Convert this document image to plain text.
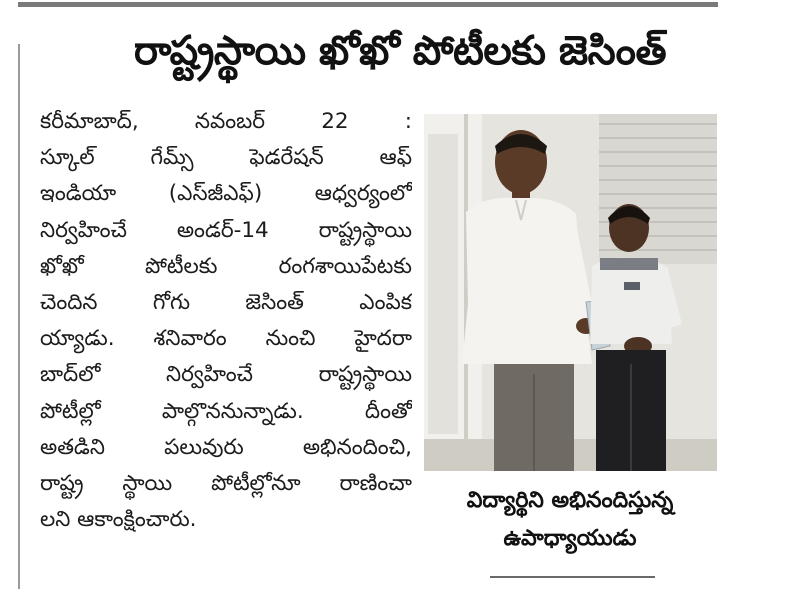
రాష్ట్రస్థాయి ఖోఖో పోటీలకు జెసింత్
కరీమాబాద్, నవంబర్ 22 :
స్కూల్ గేమ్స్ ఫెడరేషన్ ఆఫ్
ఇండియా (ఎస్‌జీఎఫ్) ఆధ్వర్యంలో
నిర్వహించే అండర్-14 రాష్ట్రస్థాయి
ఖోఖో పోటీలకు రంగశాయిపేటకు
చెందిన గోగు జెసింత్ ఎంపిక
య్యాడు. శనివారం నుంచి హైదరా
బాద్‌లో నిర్వహించే రాష్ట్రస్థాయి
పోటీల్లో పాల్గొననున్నాడు. దీంతో
అతడిని పలువురు అభినందించి,
రాష్ట్ర స్థాయి పోటీల్లోనూ రాణించా
లని ఆకాంక్షించారు.
విద్యార్థిని అభినందిస్తున్న
ఉపాధ్యాయుడు
